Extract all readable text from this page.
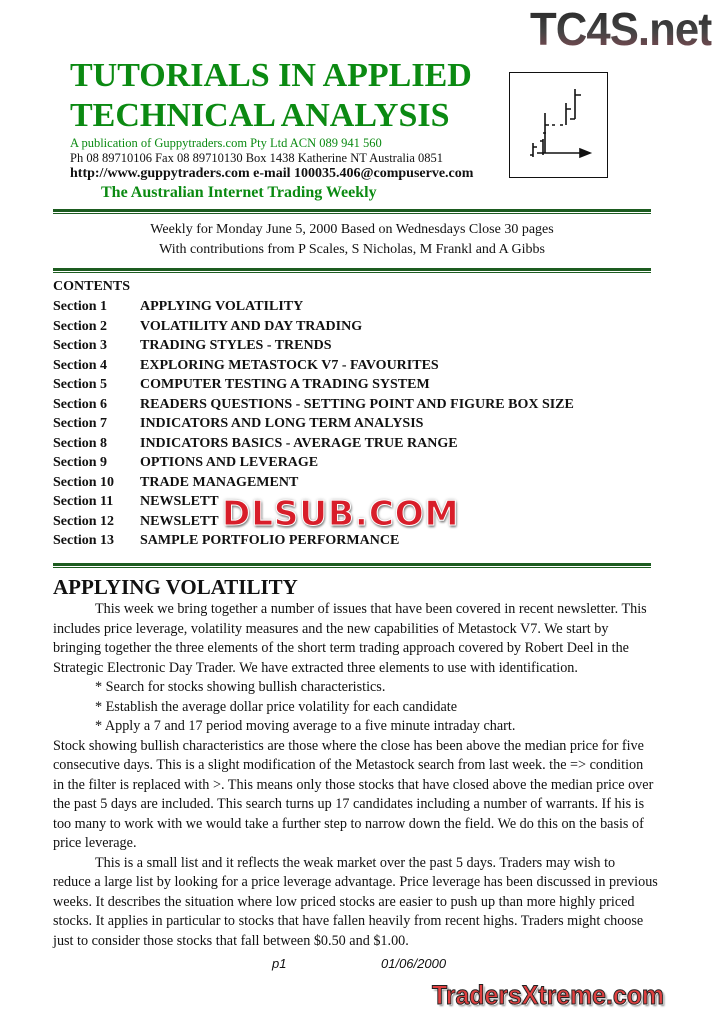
TC4S.net
TUTORIALS IN APPLIED
TECHNICAL ANALYSIS
A publication of Guppytraders.com Pty Ltd ACN 089 941 560
Ph 08 89710106 Fax 08 89710130 Box 1438 Katherine NT Australia 0851
http://www.guppytraders.com e-mail 100035.406@compuserve.com
The Australian Internet Trading Weekly
Weekly for Monday June 5, 2000 Based on Wednesdays Close 30 pages
With contributions from P Scales, S Nicholas, M Frankl and A Gibbs
CONTENTS
Section 1 APPLYING VOLATILITY
Section 2 VOLATILITY AND DAY TRADING
Section 3 TRADING STYLES - TRENDS
Section 4 EXPLORING METASTOCK V7 - FAVOURITES
Section 5 COMPUTER TESTING A TRADING SYSTEM
Section 6 READERS QUESTIONS - SETTING POINT AND FIGURE BOX SIZE
Section 7 INDICATORS AND LONG TERM ANALYSIS
Section 8 INDICATORS BASICS - AVERAGE TRUE RANGE
Section 9 OPTIONS AND LEVERAGE
Section 10 TRADE MANAGEMENT
Section 11 NEWSLETT
Section 12 NEWSLETT
Section 13 SAMPLE PORTFOLIO PERFORMANCE
DLSUB.COM
APPLYING VOLATILITY
This week we bring together a number of issues that have been covered in recent newsletter. This
includes price leverage, volatility measures and the new capabilities of Metastock V7. We start by
bringing together the three elements of the short term trading approach covered by Robert Deel in the
Strategic Electronic Day Trader. We have extracted three elements to use with identification.
* Search for stocks showing bullish characteristics.
* Establish the average dollar price volatility for each candidate
* Apply a 7 and 17 period moving average to a five minute intraday chart.
Stock showing bullish characteristics are those where the close has been above the median price for five
consecutive days. This is a slight modification of the Metastock search from last week. the => condition
in the filter is replaced with >. This means only those stocks that have closed above the median price over
the past 5 days are included. This search turns up 17 candidates including a number of warrants. If his is
too many to work with we would take a further step to narrow down the field. We do this on the basis of
price leverage.
This is a small list and it reflects the weak market over the past 5 days. Traders may wish to
reduce a large list by looking for a price leverage advantage. Price leverage has been discussed in previous
weeks. It describes the situation where low priced stocks are easier to push up than more highly priced
stocks. It applies in particular to stocks that have fallen heavily from recent highs. Traders might choose
just to consider those stocks that fall between $0.50 and $1.00.
p1	01/06/2000
TradersXtreme.com
